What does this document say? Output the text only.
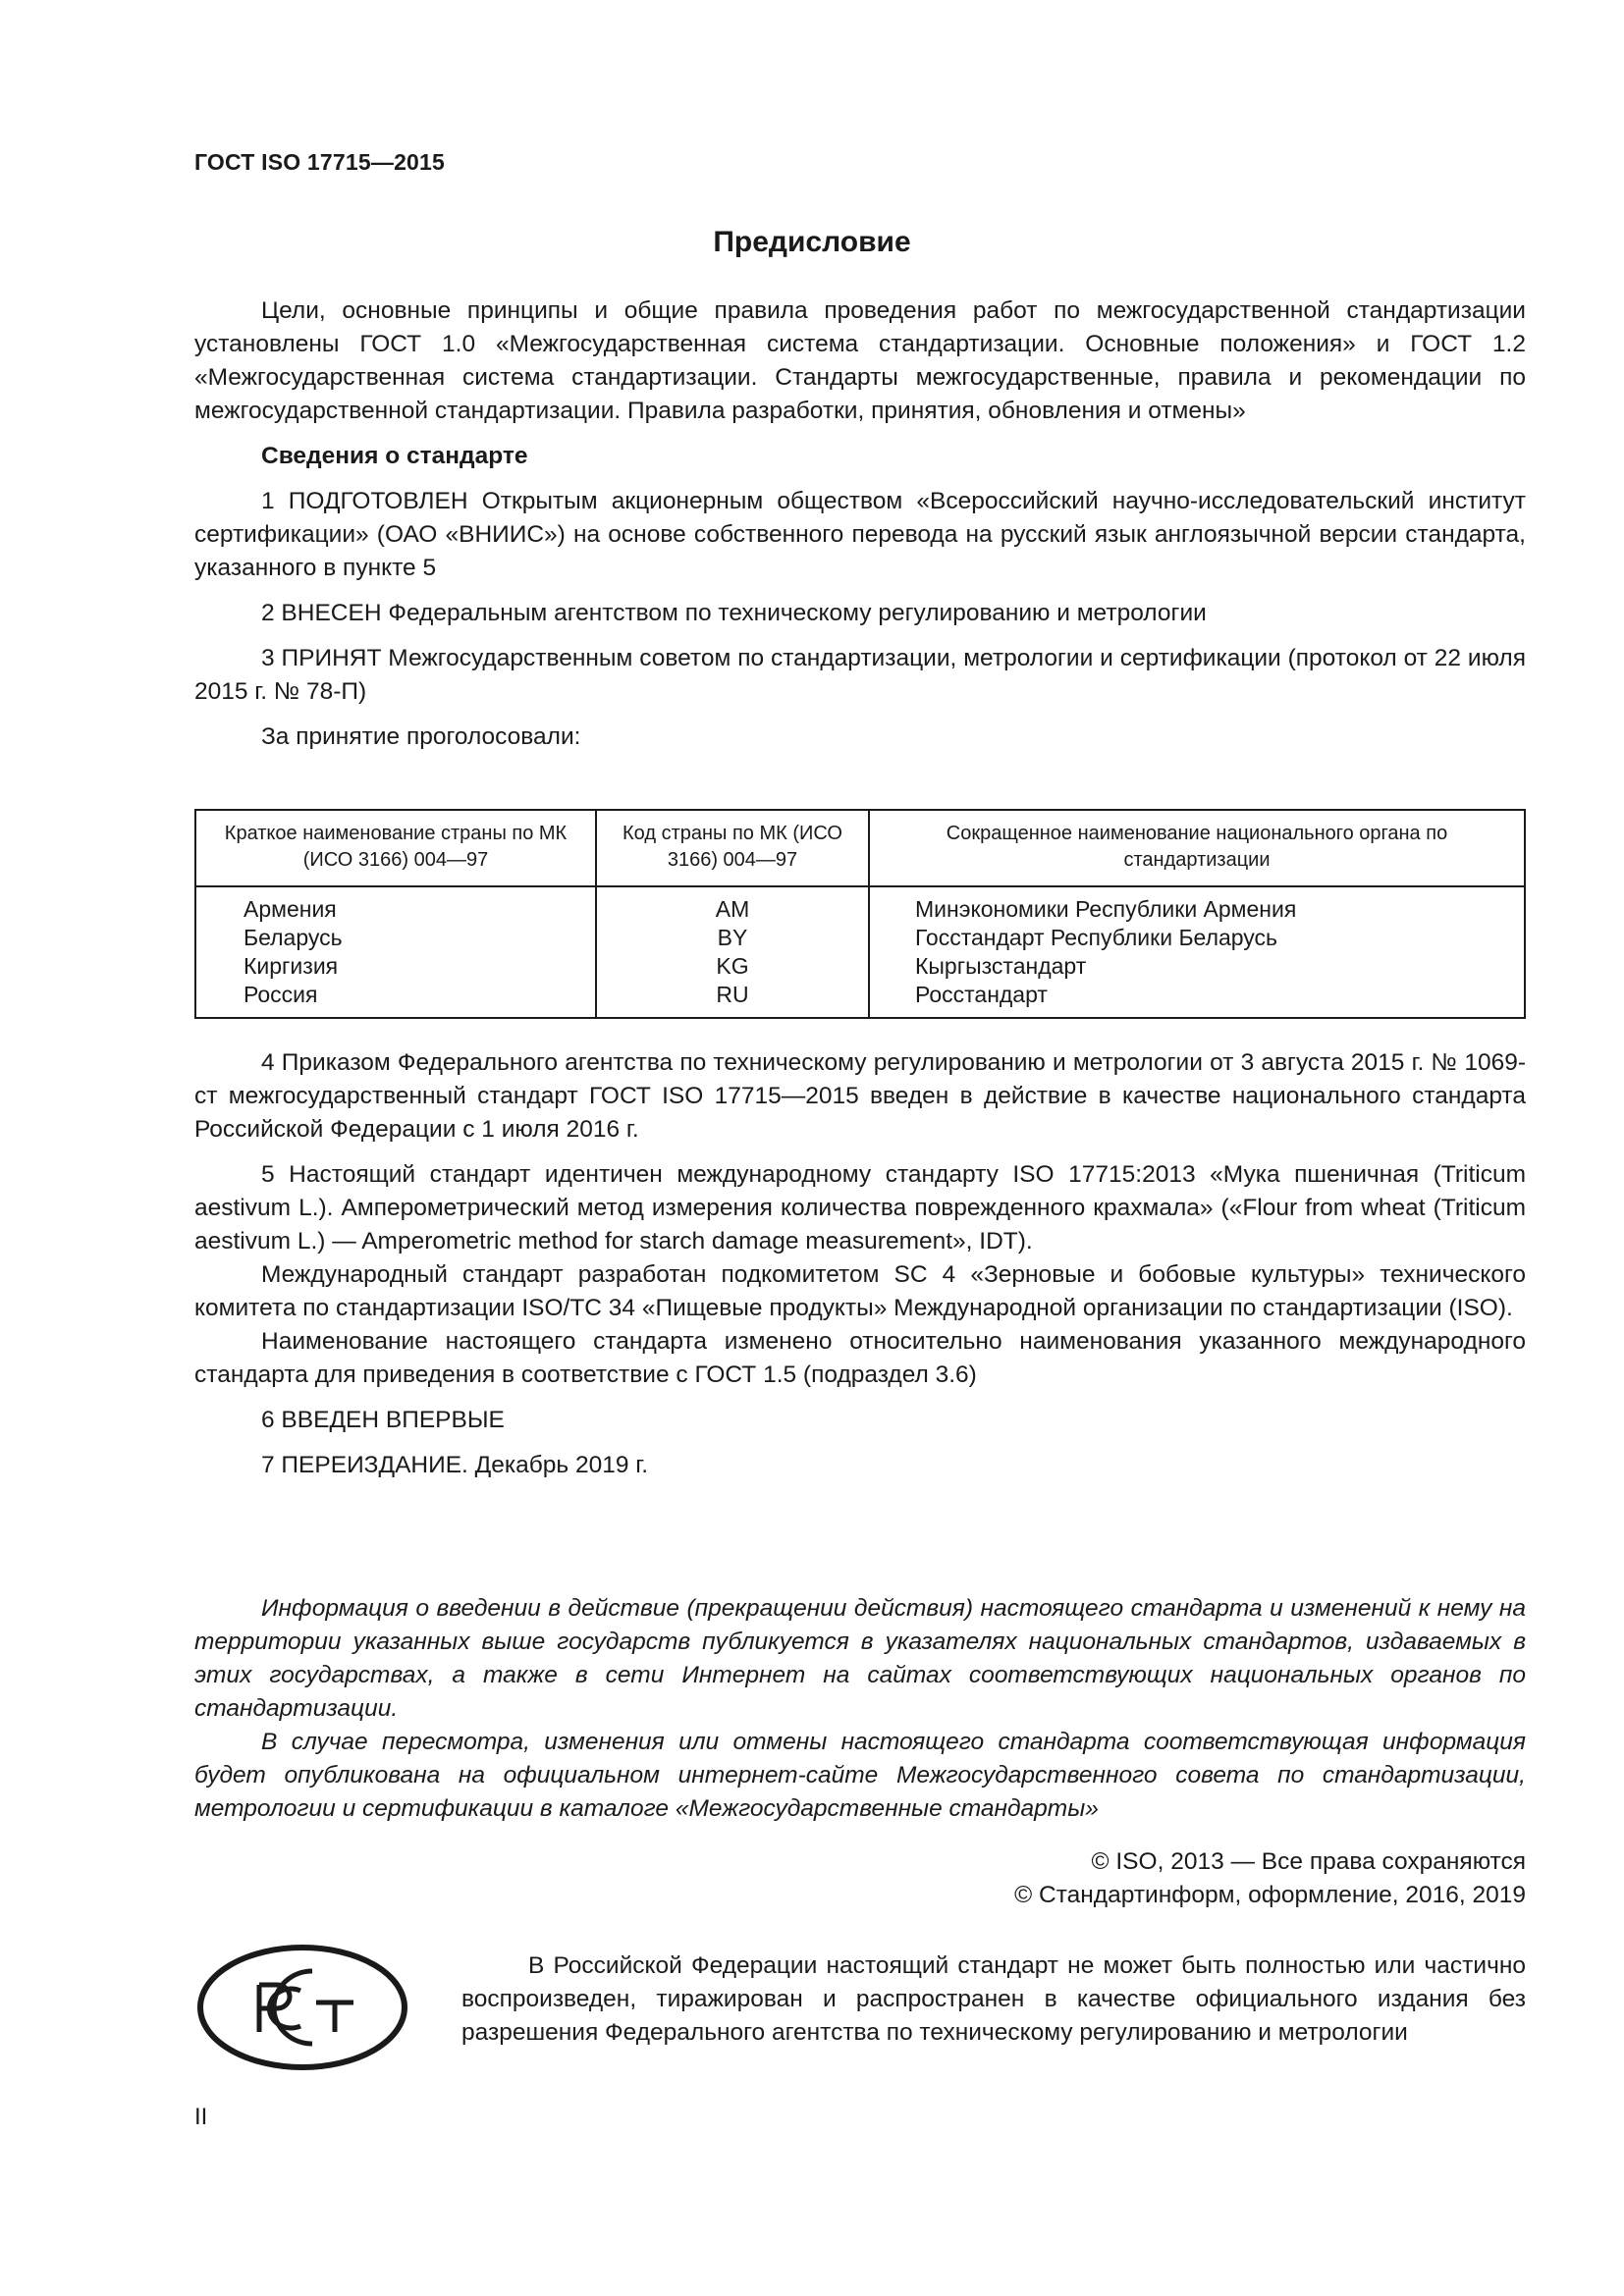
ГОСТ ISO 17715—2015
Предисловие

Цели, основные принципы и общие правила проведения работ по межгосударственной стандартизации установлены ГОСТ 1.0 «Межгосударственная система стандартизации. Основные положения» и ГОСТ 1.2 «Межгосударственная система стандартизации. Стандарты межгосударственные, правила и рекомендации по межгосударственной стандартизации. Правила разработки, принятия, обновления и отмены»

Сведения о стандарте

1 ПОДГОТОВЛЕН Открытым акционерным обществом «Всероссийский научно-исследовательский институт сертификации» (ОАО «ВНИИС») на основе собственного перевода на русский язык англоязычной версии стандарта, указанного в пункте 5

2 ВНЕСЕН Федеральным агентством по техническому регулированию и метрологии

3 ПРИНЯТ Межгосударственным советом по стандартизации, метрологии и сертификации (протокол от 22 июля 2015 г. № 78-П)

За принятие проголосовали:

Краткое наименование страны по МК (ИСО 3166) 004—97	Код страны по МК (ИСО 3166) 004—97	Сокращенное наименование национального органа по стандартизации
Армения	AM	Минэкономики Республики Армения
Беларусь	BY	Госстандарт Республики Беларусь
Киргизия	KG	Кыргызстандарт
Россия	RU	Росстандарт

4 Приказом Федерального агентства по техническому регулированию и метрологии от 3 августа 2015 г. № 1069-ст межгосударственный стандарт ГОСТ ISO 17715—2015 введен в действие в качестве национального стандарта Российской Федерации с 1 июля 2016 г.

5 Настоящий стандарт идентичен международному стандарту ISO 17715:2013 «Мука пшеничная (Triticum aestivum L.). Амперометрический метод измерения количества поврежденного крахмала» («Flour from wheat (Triticum aestivum L.) — Amperometric method for starch damage measurement», IDT).

Международный стандарт разработан подкомитетом SC 4 «Зерновые и бобовые культуры» технического комитета по стандартизации ISO/TC 34 «Пищевые продукты» Международной организации по стандартизации (ISO).

Наименование настоящего стандарта изменено относительно наименования указанного международного стандарта для приведения в соответствие с ГОСТ 1.5 (подраздел 3.6)

6 ВВЕДЕН ВПЕРВЫЕ

7 ПЕРЕИЗДАНИЕ. Декабрь 2019 г.

Информация о введении в действие (прекращении действия) настоящего стандарта и изменений к нему на территории указанных выше государств публикуется в указателях национальных стандартов, издаваемых в этих государствах, а также в сети Интернет на сайтах соответствующих национальных органов по стандартизации.

В случае пересмотра, изменения или отмены настоящего стандарта соответствующая информация будет опубликована на официальном интернет-сайте Межгосударственного совета по стандартизации, метрологии и сертификации в каталоге «Межгосударственные стандарты»

© ISO, 2013 — Все права сохраняются
© Стандартинформ, оформление, 2016, 2019

В Российской Федерации настоящий стандарт не может быть полностью или частично воспроизведен, тиражирован и распространен в качестве официального издания без разрешения Федерального агентства по техническому регулированию и метрологии

II
